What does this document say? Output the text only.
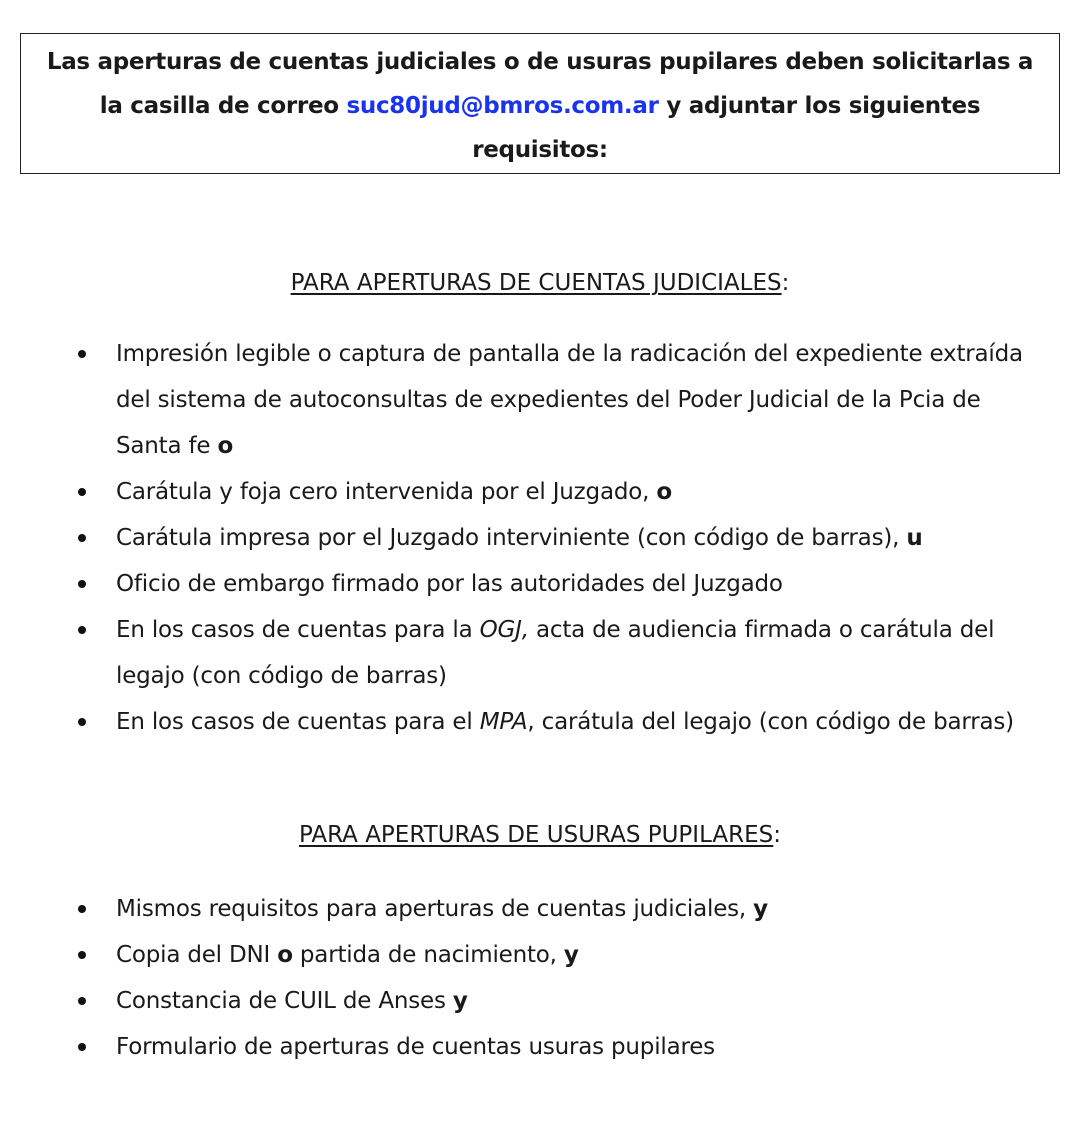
Las aperturas de cuentas judiciales o de usuras pupilares deben solicitarlas a la casilla de correo suc80jud@bmros.com.ar y adjuntar los siguientes requisitos:
PARA APERTURAS DE CUENTAS JUDICIALES:
Impresión legible o captura de pantalla de la radicación del expediente extraída del sistema de autoconsultas de expedientes del Poder Judicial de la Pcia de Santa fe o
Carátula y foja cero intervenida por el Juzgado, o
Carátula impresa por el Juzgado interviniente (con código de barras), u
Oficio de embargo firmado por las autoridades del Juzgado
En los casos de cuentas para la OGJ, acta de audiencia firmada o carátula del legajo (con código de barras)
En los casos de cuentas para el MPA, carátula del legajo (con código de barras)
PARA APERTURAS DE USURAS PUPILARES:
Mismos requisitos para aperturas de cuentas judiciales, y
Copia del DNI o partida de nacimiento, y
Constancia de CUIL de Anses y
Formulario de aperturas de cuentas usuras pupilares
